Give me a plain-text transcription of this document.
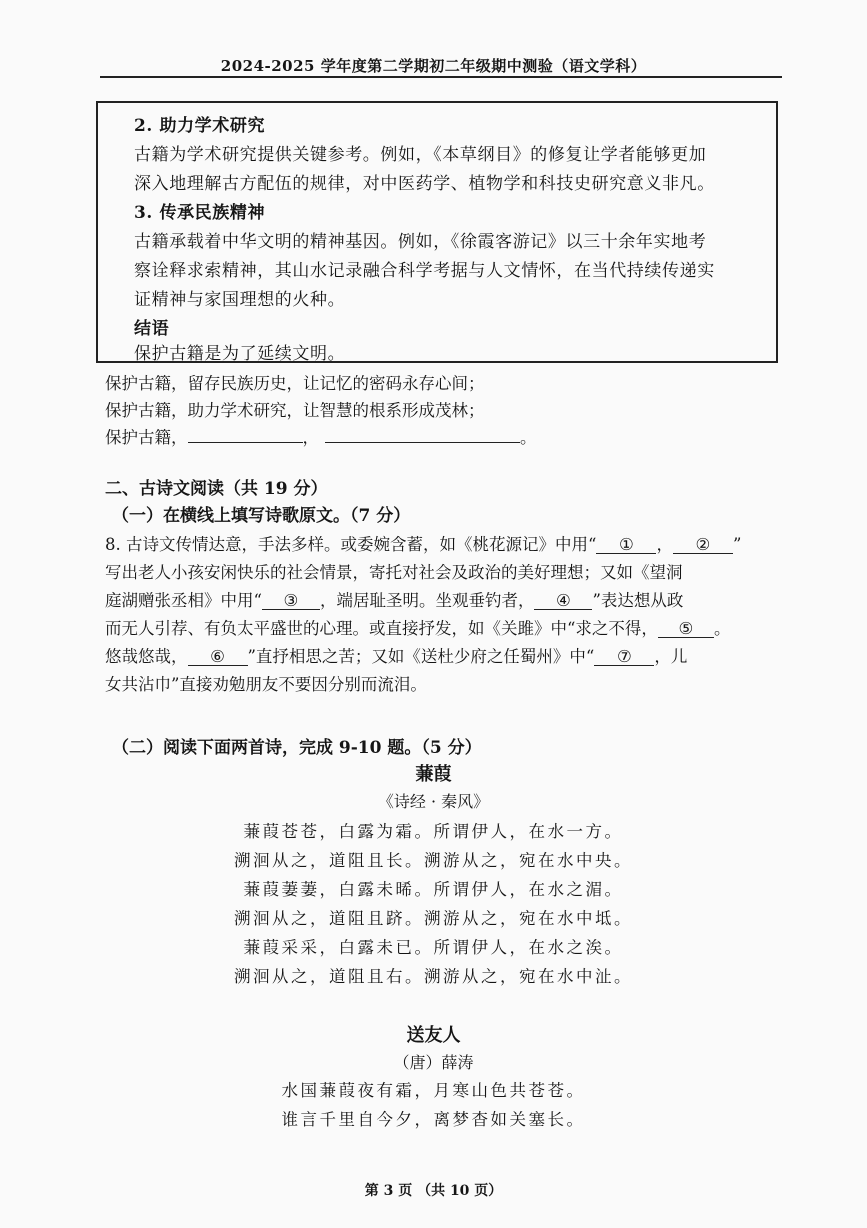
2024-2025 学年度第二学期初二年级期中测验（语文学科）
2. 助力学术研究
古籍为学术研究提供关键参考。例如，《本草纲目》的修复让学者能够更加
深入地理解古方配伍的规律，对中医药学、植物学和科技史研究意义非凡。
3. 传承民族精神
古籍承载着中华文明的精神基因。例如，《徐霞客游记》以三十余年实地考
察诠释求索精神，其山水记录融合科学考据与人文情怀，在当代持续传递实
证精神与家国理想的火种。
结语
保护古籍是为了延续文明。
保护古籍，留存民族历史，让记忆的密码永存心间；
保护古籍，助力学术研究，让智慧的根系形成茂林；
保护古籍，	，	。
二、古诗文阅读（共 19 分）
（一）在横线上填写诗歌原文。（7 分）
8. 古诗文传情达意，手法多样。或委婉含蓄，如《桃花源记》中用“ ① ， ② ”
写出老人小孩安闲快乐的社会情景，寄托对社会及政治的美好理想；又如《望洞
庭湖赠张丞相》中用“ ③ ，端居耻圣明。坐观垂钓者， ④ ”表达想从政
而无人引荐、有负太平盛世的心理。或直接抒发，如《关雎》中“求之不得， ⑤ 。
悠哉悠哉， ⑥ ”直抒相思之苦；又如《送杜少府之任蜀州》中“ ⑦ ，儿
女共沾巾”直接劝勉朋友不要因分别而流泪。
（二）阅读下面两首诗，完成 9-10 题。（5 分）
蒹葭
《诗经 · 秦风》
蒹葭苍苍，白露为霜。所谓伊人，在水一方。
溯洄从之，道阻且长。溯游从之，宛在水中央。
蒹葭萋萋，白露未晞。所谓伊人，在水之湄。
溯洄从之，道阻且跻。溯游从之，宛在水中坻。
蒹葭采采，白露未已。所谓伊人，在水之涘。
溯洄从之，道阻且右。溯游从之，宛在水中沚。
送友人
（唐）薛涛
水国蒹葭夜有霜，月寒山色共苍苍。
谁言千里自今夕，离梦杳如关塞长。
第 3 页 （共 10 页）
